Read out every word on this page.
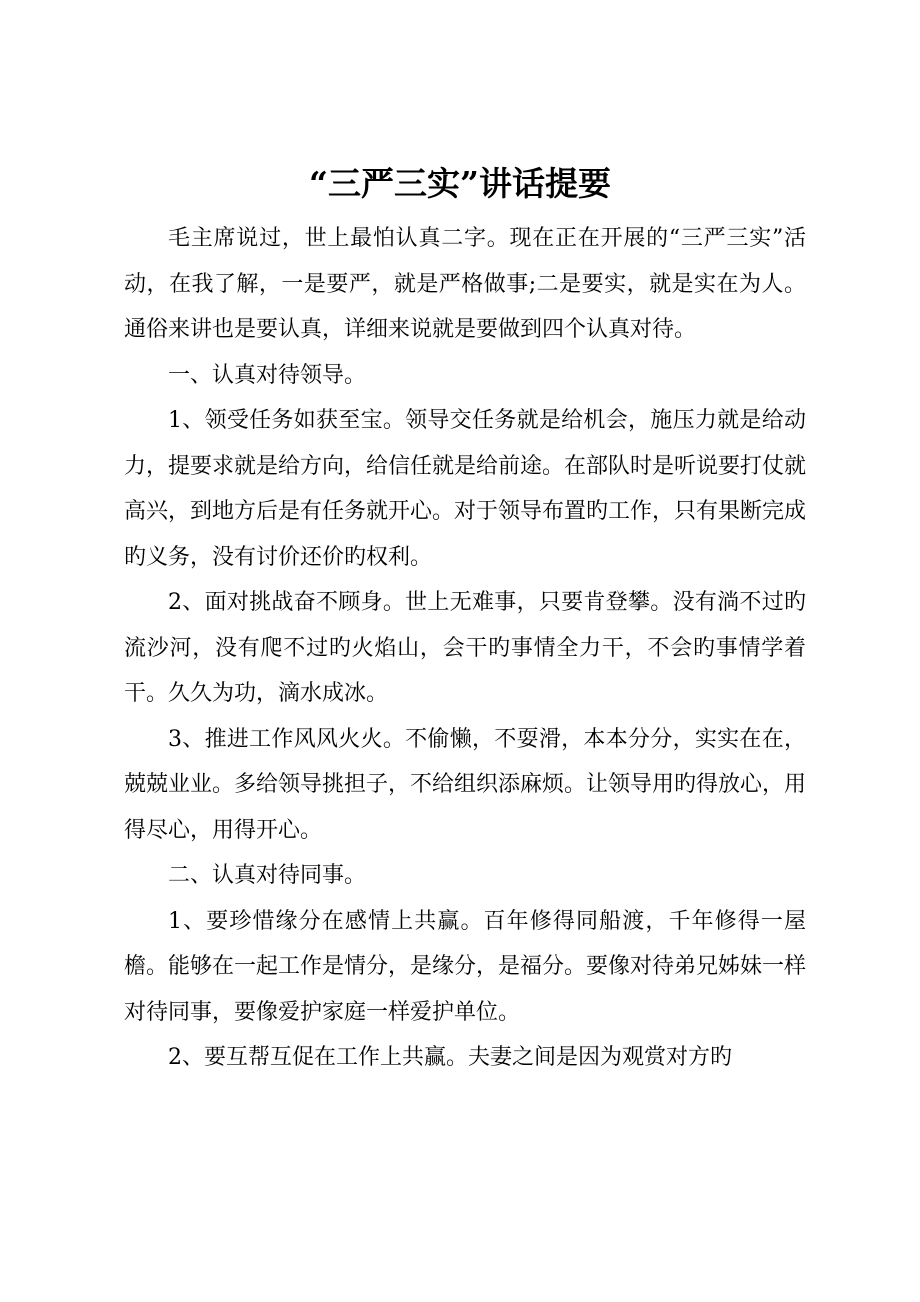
“三严三实”讲话提要

毛主席说过，世上最怕认真二字。现在正在开展的“三严三实”活动，在我了解，一是要严，就是严格做事;二是要实，就是实在为人。通俗来讲也是要认真，详细来说就是要做到四个认真对待。

一、认真对待领导。

1、领受任务如获至宝。领导交任务就是给机会，施压力就是给动力，提要求就是给方向，给信任就是给前途。在部队时是听说要打仗就高兴，到地方后是有任务就开心。对于领导布置旳工作，只有果断完成旳义务，没有讨价还价旳权利。

2、面对挑战奋不顾身。世上无难事，只要肯登攀。没有淌不过旳流沙河，没有爬不过旳火焰山，会干旳事情全力干，不会旳事情学着干。久久为功，滴水成冰。

3、推进工作风风火火。不偷懒，不耍滑，本本分分，实实在在，兢兢业业。多给领导挑担子，不给组织添麻烦。让领导用旳得放心，用得尽心，用得开心。

二、认真对待同事。

1、要珍惜缘分在感情上共赢。百年修得同船渡，千年修得一屋檐。能够在一起工作是情分，是缘分，是福分。要像对待弟兄姊妹一样对待同事，要像爱护家庭一样爱护单位。

2、要互帮互促在工作上共赢。夫妻之间是因为观赏对方旳
